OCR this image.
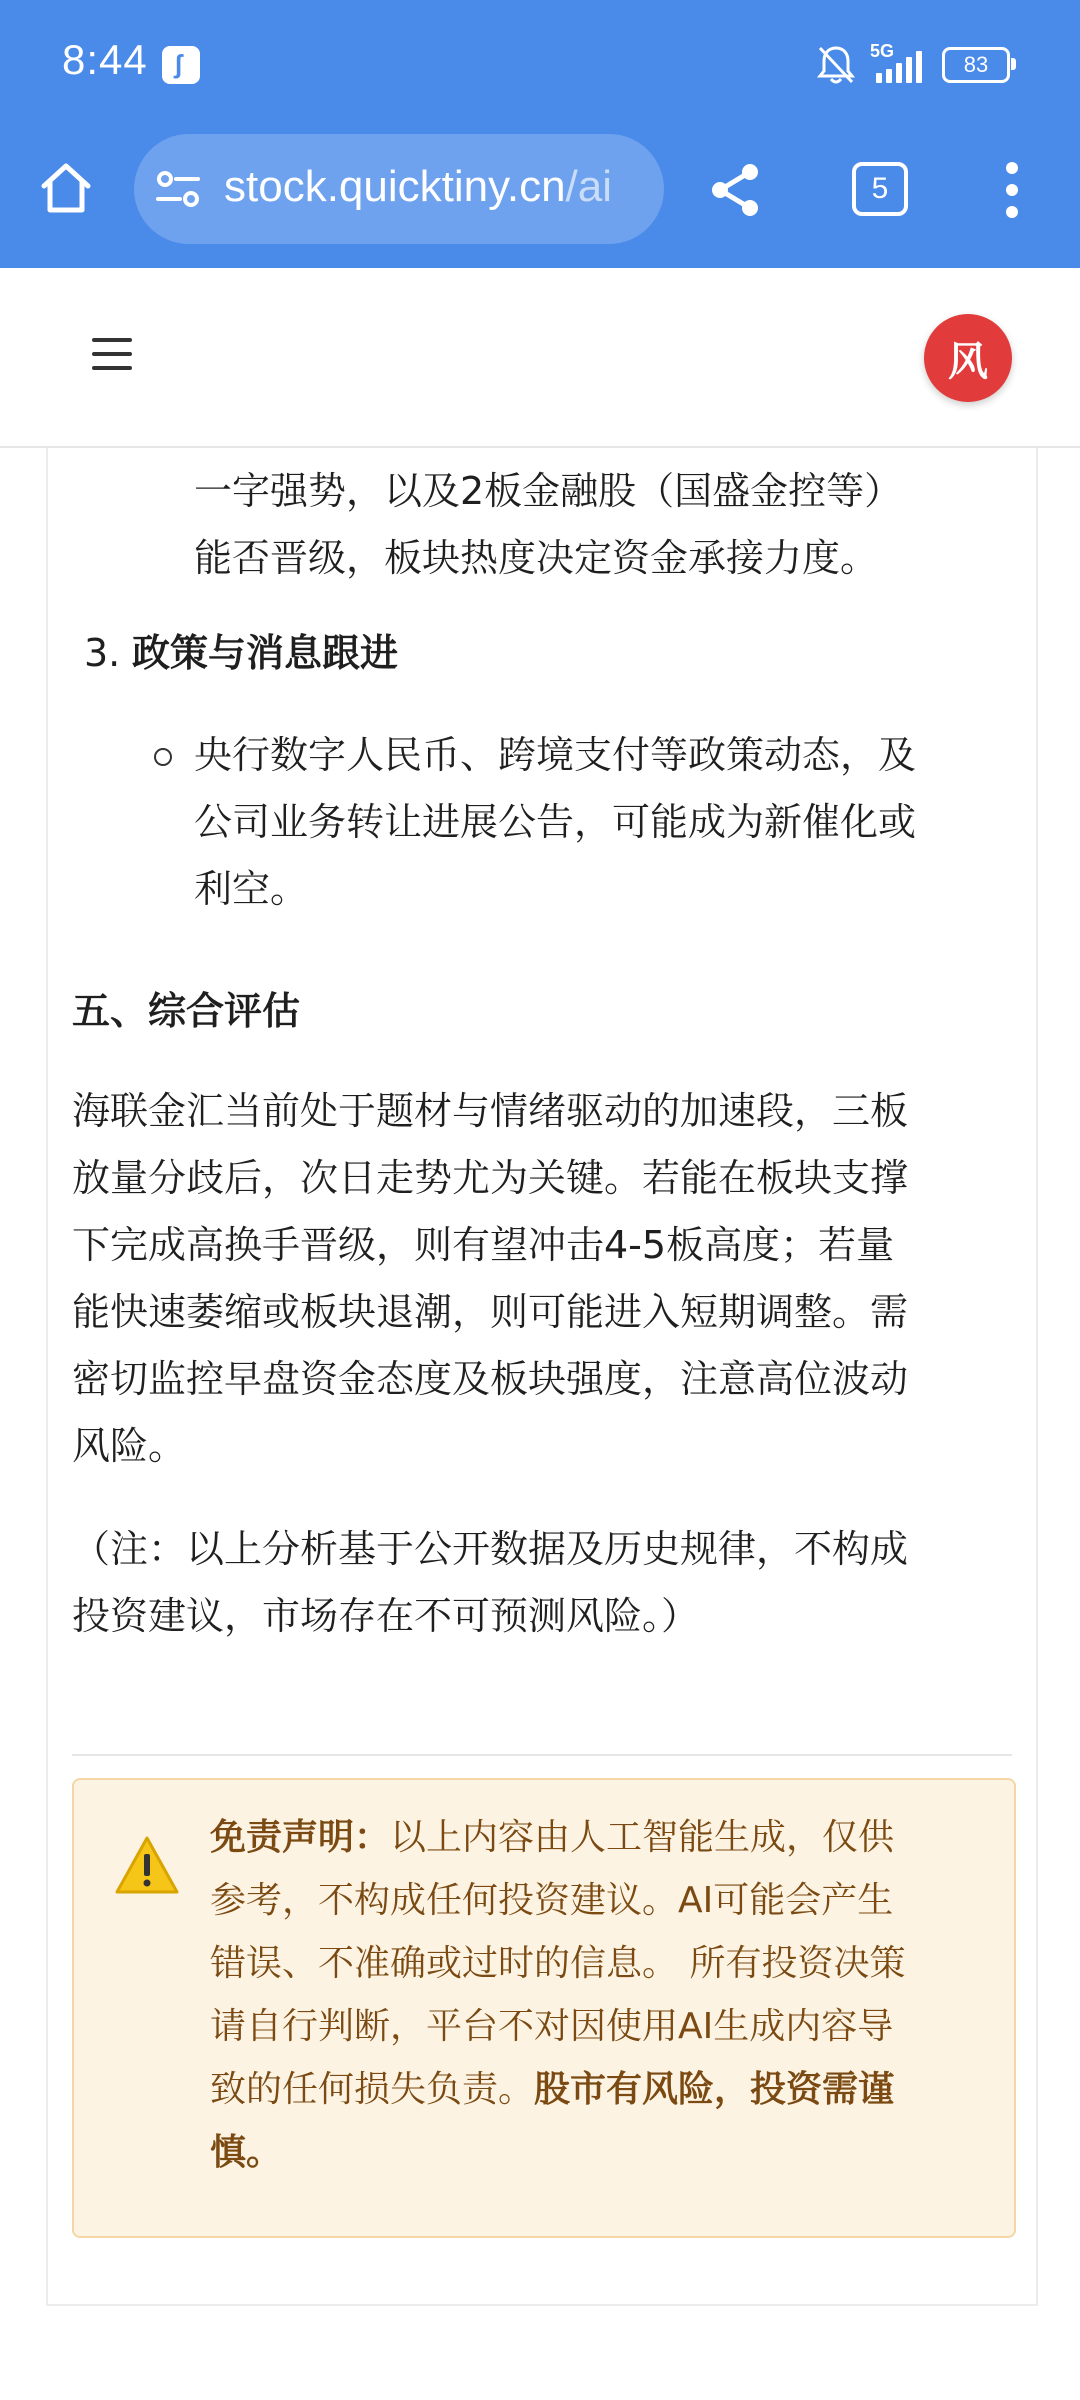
8:44 ʃ	5G
83
stock.quicktiny.cn/ai	5
风
一字强势，以及2板金融股（国盛金控等）
能否晋级，板块热度决定资金承接力度。
3. 政策与消息跟进
央行数字人民币、跨境支付等政策动态，及
公司业务转让进展公告，可能成为新催化或
利空。
五、综合评估
海联金汇当前处于题材与情绪驱动的加速段，三板
放量分歧后，次日走势尤为关键。若能在板块支撑
下完成高换手晋级，则有望冲击4-5板高度；若量
能快速萎缩或板块退潮，则可能进入短期调整。需
密切监控早盘资金态度及板块强度，注意高位波动
风险。
（注：以上分析基于公开数据及历史规律，不构成
投资建议，市场存在不可预测风险。）
免责声明：以上内容由人工智能生成，仅供
参考，不构成任何投资建议。AI可能会产生
错误、不准确或过时的信息。 所有投资决策
请自行判断，平台不对因使用AI生成内容导
致的任何损失负责。股市有风险，投资需谨
慎。
